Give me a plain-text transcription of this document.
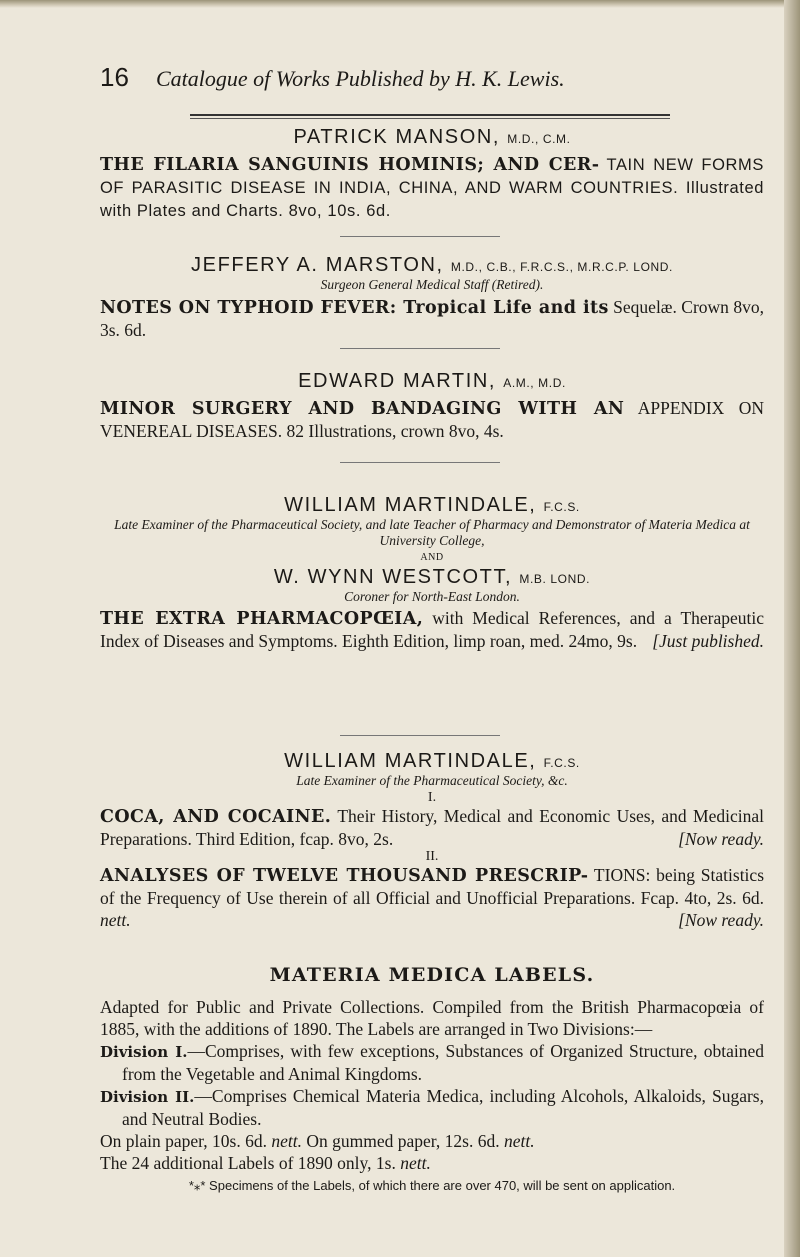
16 Catalogue of Works Published by H. K. Lewis.

PATRICK MANSON, M.D., C.M.

THE FILARIA SANGUINIS HOMINIS; AND CER- TAIN NEW FORMS OF PARASITIC DISEASE IN INDIA, CHINA, AND WARM COUNTRIES. Illustrated with Plates and Charts. 8vo, 10s. 6d.

JEFFERY A. MARSTON, M.D., C.B., F.R.C.S., M.R.C.P. LOND.

Surgeon General Medical Staff (Retired).

NOTES ON TYPHOID FEVER: Tropical Life and its Sequelæ. Crown 8vo, 3s. 6d.

EDWARD MARTIN, A.M., M.D.

MINOR SURGERY AND BANDAGING WITH AN APPENDIX ON VENEREAL DISEASES. 82 Illustrations, crown 8vo, 4s.

WILLIAM MARTINDALE, F.C.S.

Late Examiner of the Pharmaceutical Society, and late Teacher of Pharmacy and Demonstrator of Materia Medica at University College,

AND

W. WYNN WESTCOTT, M.B. LOND.

Coroner for North-East London.

THE EXTRA PHARMACOPŒIA, with Medical References, and a Therapeutic Index of Diseases and Symptoms. Eighth Edition, limp roan, med. 24mo, 9s. [Just published.

WILLIAM MARTINDALE, F.C.S.

Late Examiner of the Pharmaceutical Society, &c.

I.

COCA, AND COCAINE. Their History, Medical and Economic Uses, and Medicinal Preparations. Third Edition, fcap. 8vo, 2s.	[Now ready.

II.

ANALYSES OF TWELVE THOUSAND PRESCRIP- TIONS: being Statistics of the Frequency of Use therein of all Official and Unofficial Preparations. Fcap. 4to, 2s. 6d. nett.	[Now ready.

MATERIA MEDICA LABELS.

Adapted for Public and Private Collections. Compiled from the British Pharmacopœia of 1885, with the additions of 1890. The Labels are arranged in Two Divisions:—

Division I.—Comprises, with few exceptions, Substances of Organized Structure, obtained from the Vegetable and Animal Kingdoms.

Division II.—Comprises Chemical Materia Medica, including Alcohols, Alkaloids, Sugars, and Neutral Bodies.

On plain paper, 10s. 6d. nett. On gummed paper, 12s. 6d. nett.

The 24 additional Labels of 1890 only, 1s. nett.

*⁎* Specimens of the Labels, of which there are over 470, will be sent on application.
